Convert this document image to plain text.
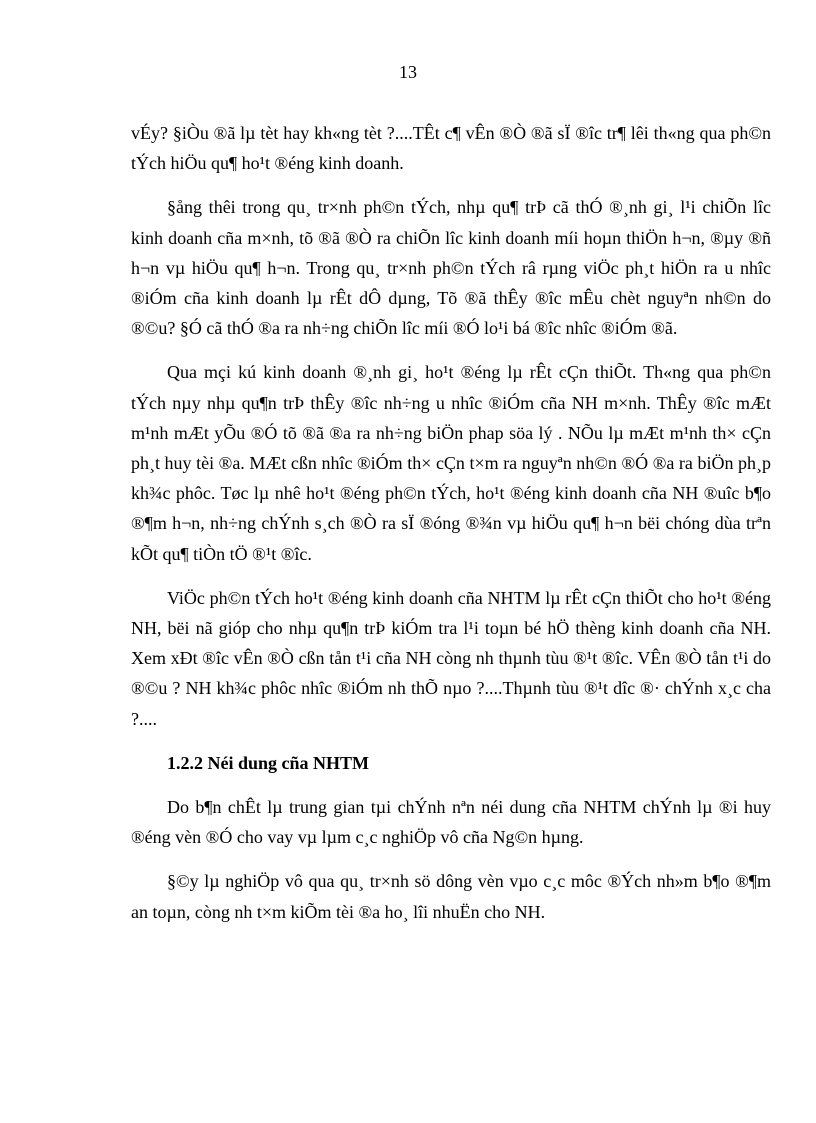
13

vÉy? §iÒu ®ã lµ tèt hay kh«ng tèt ?....TÊt c¶ vÊn ®Ò ®ã sÏ ®îc tr¶ lêi th«ng qua ph©n tÝch hiÖu qu¶ ho¹t ®éng kinh doanh.

§ång thêi trong qu¸ tr×nh ph©n tÝch, nhµ qu¶ trÞ cã thÓ ®¸nh gi¸ l¹i chiÕn lîc kinh doanh cña m×nh, tõ ®ã ®Ò ra chiÕn lîc kinh doanh míi hoµn thiÖn h¬n, ®µy ®ñ h¬n vµ hiÖu qu¶ h¬n. Trong qu¸ tr×nh ph©n tÝch râ rµng viÖc ph¸t hiÖn ra u nhîc ®iÓm cña kinh doanh lµ rÊt dÔ dµng, Tõ ®ã thÊy ®îc mÊu chèt nguyªn nh©n do ®©u? §Ó cã thÓ ®a ra nh÷ng chiÕn lîc míi ®Ó lo¹i bá ®îc nhîc ®iÓm ®ã.

Qua mçi kú kinh doanh ®¸nh gi¸ ho¹t ®éng lµ rÊt cÇn thiÕt. Th«ng qua ph©n tÝch nµy nhµ qu¶n trÞ thÊy ®îc nh÷ng u nhîc ®iÓm cña NH m×nh. ThÊy ®îc mÆt m¹nh mÆt yÕu ®Ó tõ ®ã ®a ra nh÷ng biÖn phap söa lý . NÕu lµ mÆt m¹nh th× cÇn ph¸t huy tèi ®a. MÆt cßn nhîc ®iÓm th× cÇn t×m ra nguyªn nh©n ®Ó ®a ra biÖn ph¸p kh¾c phôc. Tøc lµ nhê ho¹t ®éng ph©n tÝch, ho¹t ®éng kinh doanh cña NH ®uîc b¶o ®¶m h¬n, nh÷ng chÝnh s¸ch ®Ò ra sÏ ®óng ®¾n vµ hiÖu qu¶ h¬n bëi chóng dùa trªn kÕt qu¶ tiÒn tÖ ®¹t ®îc.

ViÖc ph©n tÝch ho¹t ®éng kinh doanh cña NHTM lµ rÊt cÇn thiÕt cho ho¹t ®éng NH, bëi nã gióp cho nhµ qu¶n trÞ kiÓm tra l¹i toµn bé hÖ thèng kinh doanh cña NH. Xem xÐt ®îc vÊn ®Ò cßn tån t¹i cña NH còng nh thµnh tùu ®¹t ®îc. VÊn ®Ò tån t¹i do ®©u ? NH kh¾c phôc nhîc ®iÓm nh thÕ nµo ?....Thµnh tùu ®¹t dîc ®· chÝnh x¸c cha ?....

1.2.2 Néi dung cña NHTM

Do b¶n chÊt lµ trung gian tµi chÝnh nªn néi dung cña NHTM chÝnh lµ ®i huy ®éng vèn ®Ó cho vay vµ lµm c¸c nghiÖp vô cña Ng©n hµng.

§©y lµ nghiÖp vô qua qu¸ tr×nh sö dông vèn vµo c¸c môc ®Ých nh»m b¶o ®¶m an toµn, còng nh t×m kiÕm tèi ®a ho¸ lîi nhuËn cho NH.
